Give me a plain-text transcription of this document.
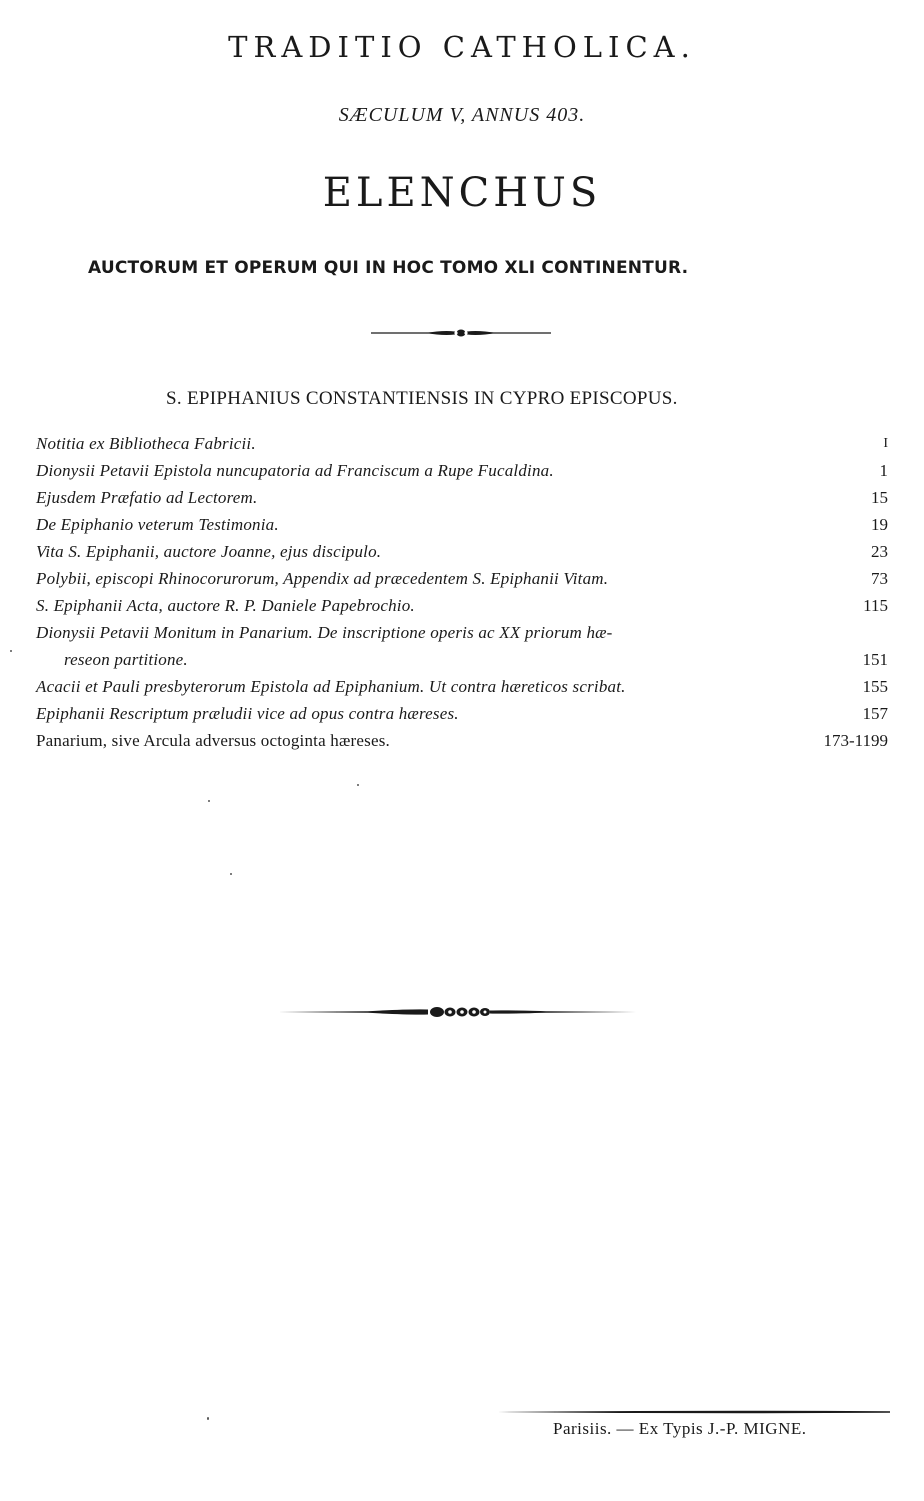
TRADITIO CATHOLICA.
SÆCULUM V, ANNUS 403.
ELENCHUS
AUCTORUM ET OPERUM QUI IN HOC TOMO XLI CONTINENTUR.
S. EPIPHANIUS CONSTANTIENSIS IN CYPRO EPISCOPUS.
Notitia ex Bibliotheca Fabricii.	I
Dionysii Petavii Epistola nuncupatoria ad Franciscum a Rupe Fucaldina.	1
Ejusdem Præfatio ad Lectorem.	15
De Epiphanio veterum Testimonia.	19
Vita S. Epiphanii, auctore Joanne, ejus discipulo.	23
Polybii, episcopi Rhinocorurorum, Appendix ad præcedentem S. Epiphanii Vitam.	73
S. Epiphanii Acta, auctore R. P. Daniele Papebrochio.	115
Dionysii Petavii Monitum in Panarium. De inscriptione operis ac XX priorum hæ-
reseon partitione.	151
Acacii et Pauli presbyterorum Epistola ad Epiphanium. Ut contra hæreticos scribat.	155
Epiphanii Rescriptum præludii vice ad opus contra hæreses.	157
Panarium, sive Arcula adversus octoginta hæreses.	173-1199
Parisiis. — Ex Typis J.-P. MIGNE.
